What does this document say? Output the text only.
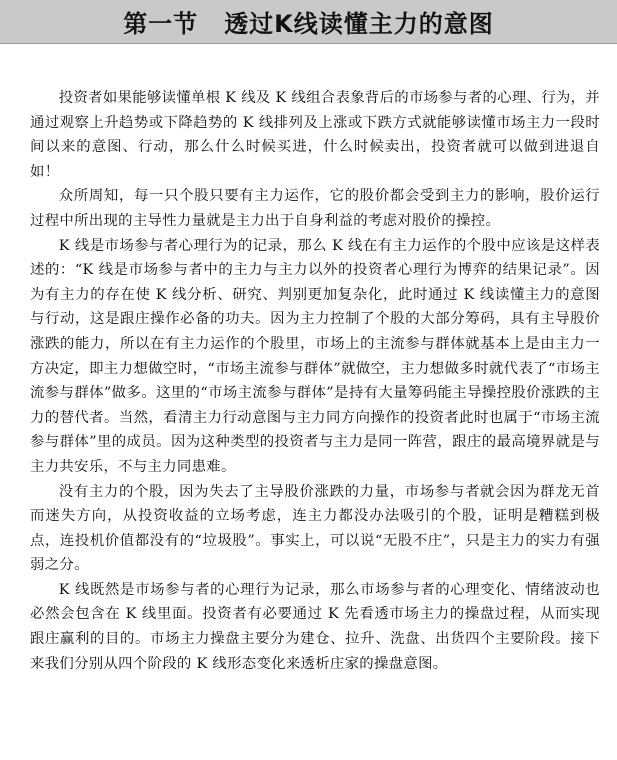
第一节 透过K线读懂主力的意图

投资者如果能够读懂单根 K 线及 K 线组合表象背后的市场参与者的心理、行为，并通过观察上升趋势或下降趋势的 K 线排列及上涨或下跌方式就能够读懂市场主力一段时间以来的意图、行动，那么什么时候买进，什么时候卖出，投资者就可以做到进退自如！

众所周知，每一只个股只要有主力运作，它的股价都会受到主力的影响，股价运行过程中所出现的主导性力量就是主力出于自身利益的考虑对股价的操控。

K 线是市场参与者心理行为的记录，那么 K 线在有主力运作的个股中应该是这样表述的：“K 线是市场参与者中的主力与主力以外的投资者心理行为博弈的结果记录”。因为有主力的存在使 K 线分析、研究、判别更加复杂化，此时通过 K 线读懂主力的意图与行动，这是跟庄操作必备的功夫。因为主力控制了个股的大部分筹码，具有主导股价涨跌的能力，所以在有主力运作的个股里，市场上的主流参与群体就基本上是由主力一方决定，即主力想做空时，“市场主流参与群体”就做空，主力想做多时就代表了“市场主流参与群体”做多。这里的“市场主流参与群体”是持有大量筹码能主导操控股价涨跌的主力的替代者。当然，看清主力行动意图与主力同方向操作的投资者此时也属于“市场主流参与群体”里的成员。因为这种类型的投资者与主力是同一阵营，跟庄的最高境界就是与主力共安乐，不与主力同患难。

没有主力的个股，因为失去了主导股价涨跌的力量，市场参与者就会因为群龙无首而迷失方向，从投资收益的立场考虑，连主力都没办法吸引的个股，证明是糟糕到极点，连投机价值都没有的“垃圾股”。事实上，可以说“无股不庄”，只是主力的实力有强弱之分。

K 线既然是市场参与者的心理行为记录，那么市场参与者的心理变化、情绪波动也必然会包含在 K 线里面。投资者有必要通过 K 先看透市场主力的操盘过程，从而实现跟庄赢利的目的。市场主力操盘主要分为建仓、拉升、洗盘、出货四个主要阶段。接下来我们分别从四个阶段的 K 线形态变化来透析庄家的操盘意图。
